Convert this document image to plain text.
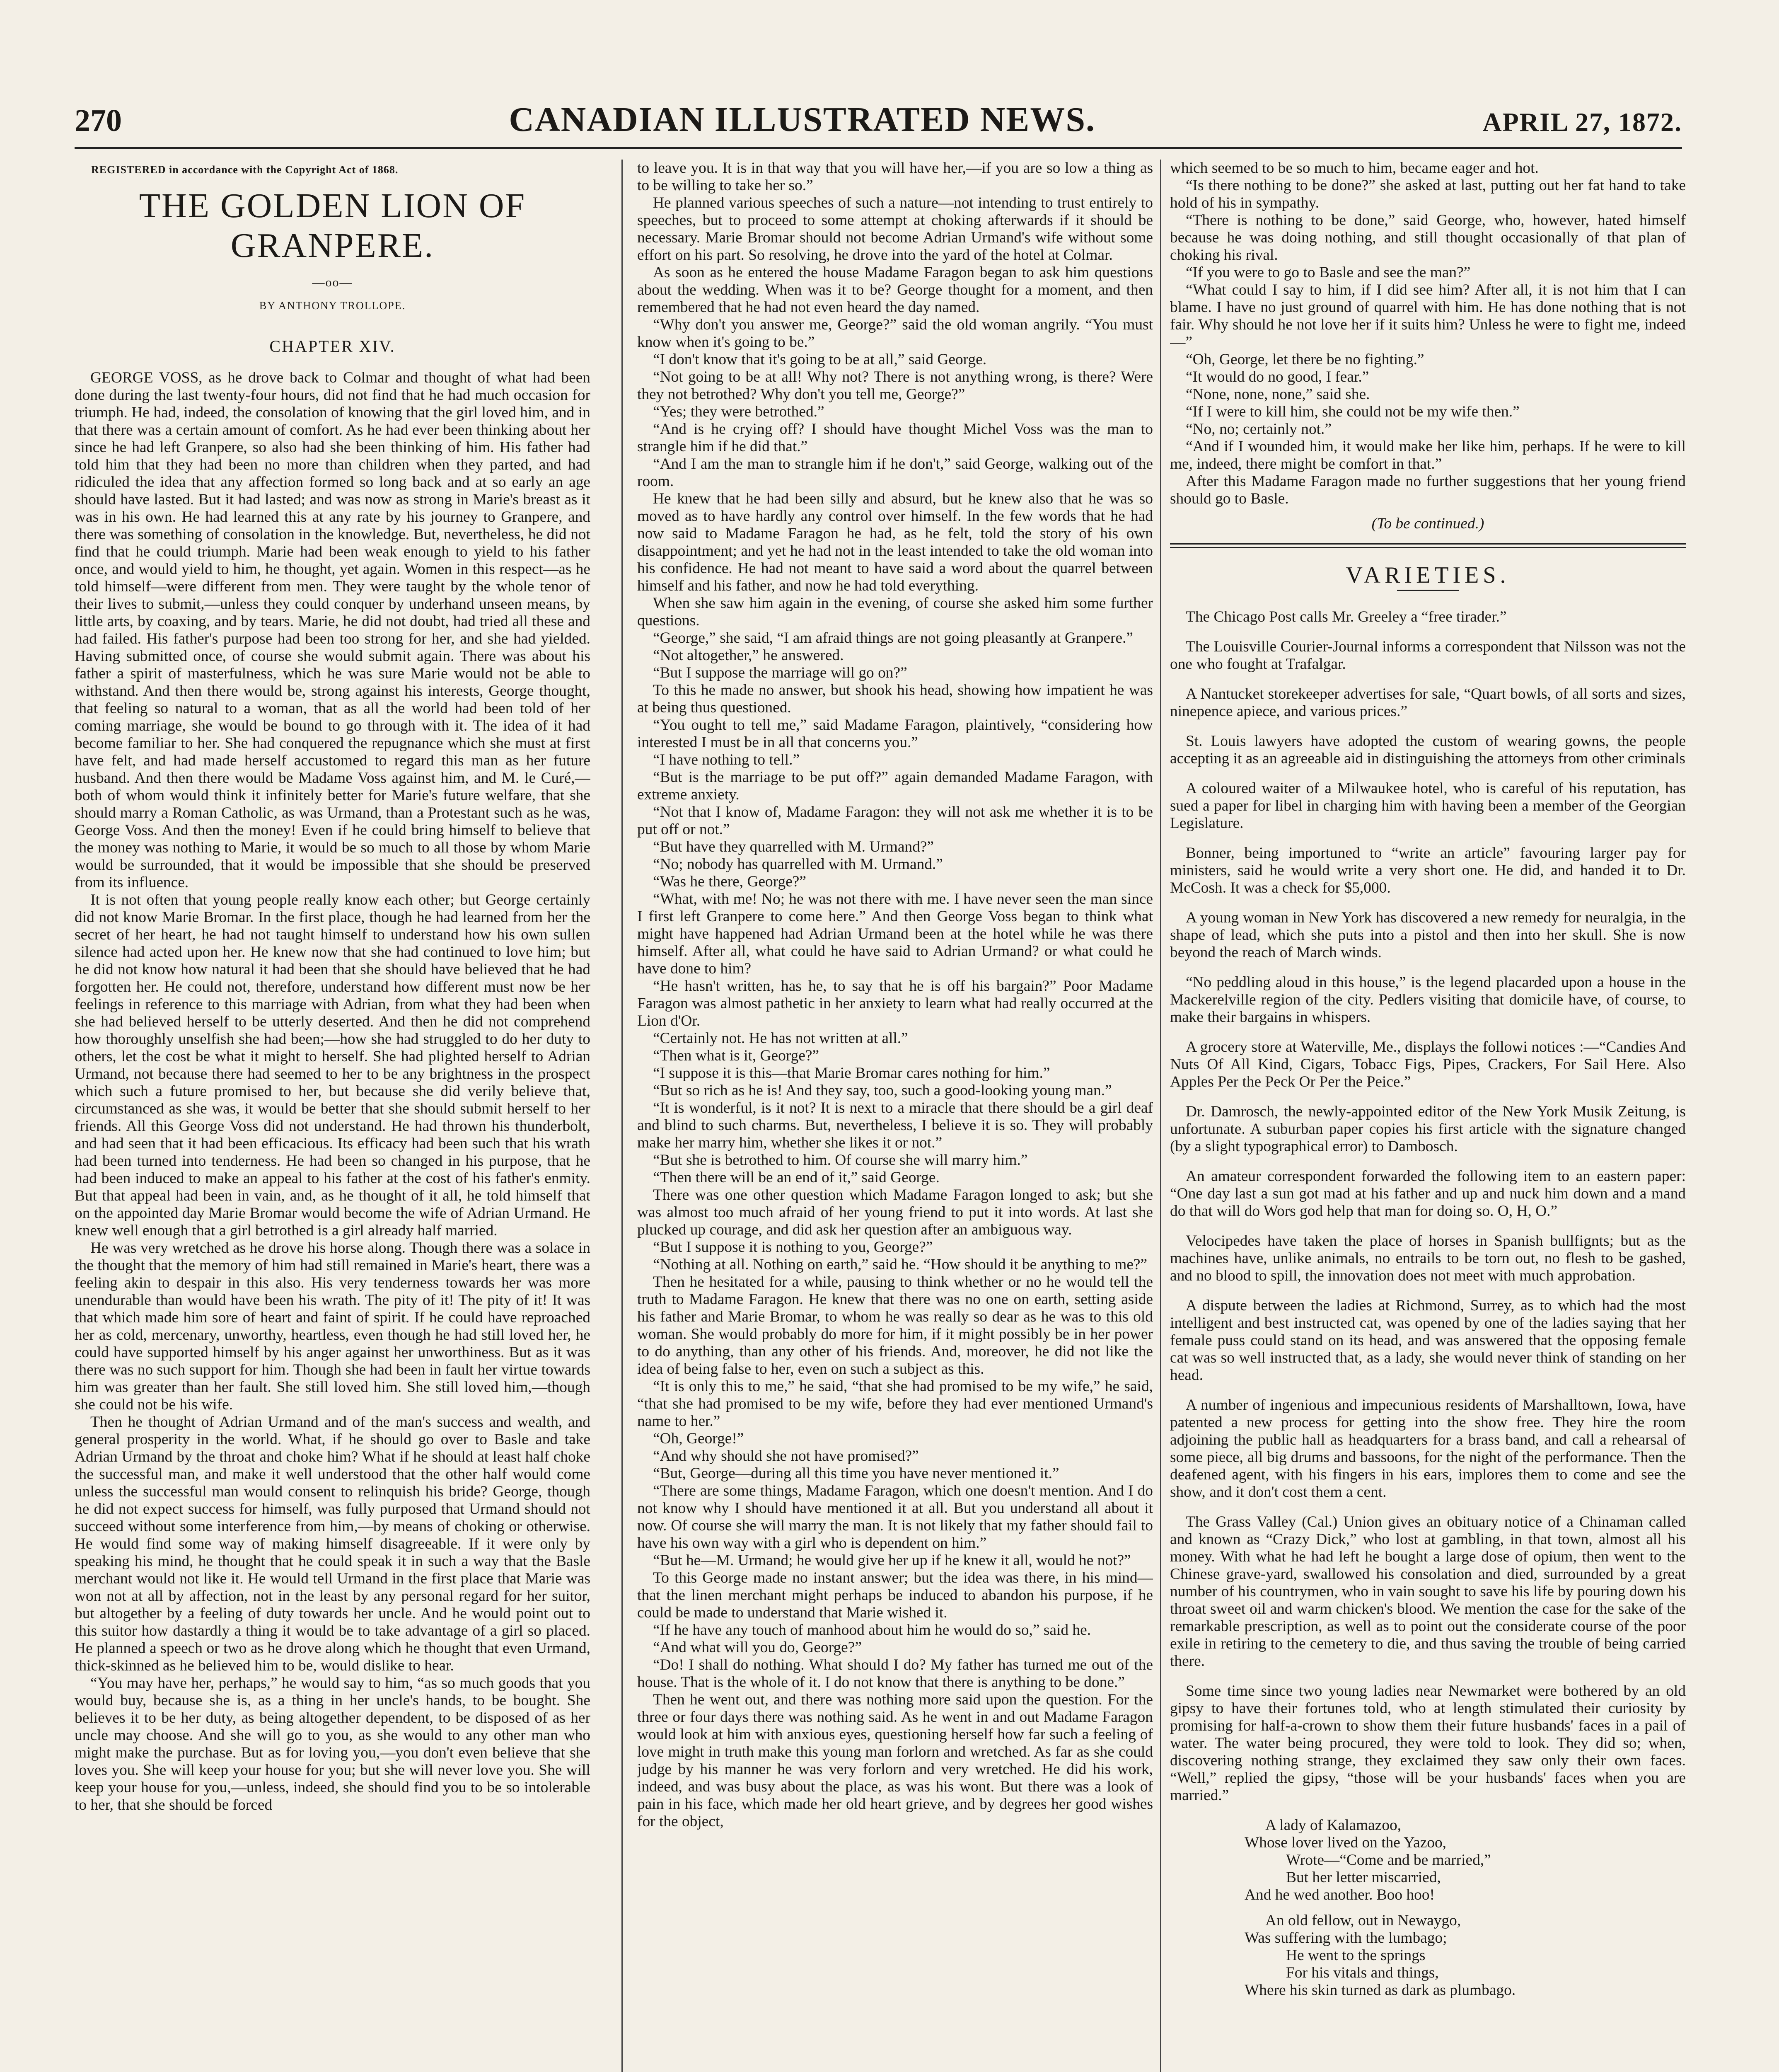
270	CANADIAN ILLUSTRATED NEWS.	APRIL 27, 1872.
REGISTERED in accordance with the Copyright Act of 1868.
THE GOLDEN LION OF GRANPERE.
—oo—
BY ANTHONY TROLLOPE.
CHAPTER XIV.

GEORGE VOSS, as he drove back to Colmar and thought of what had been done during the last twenty-four hours, did not find that he had much occasion for triumph. He had, indeed, the consolation of knowing that the girl loved him, and in that there was a certain amount of comfort. As he had ever been thinking about her since he had left Granpere, so also had she been thinking of him. His father had told him that they had been no more than children when they parted, and had ridiculed the idea that any affection formed so long back and at so early an age should have lasted. But it had lasted; and was now as strong in Marie's breast as it was in his own. He had learned this at any rate by his journey to Granpere, and there was something of consolation in the knowledge. But, nevertheless, he did not find that he could triumph. Marie had been weak enough to yield to his father once, and would yield to him, he thought, yet again. Women in this respect—as he told himself—were different from men. They were taught by the whole tenor of their lives to submit,—unless they could conquer by underhand unseen means, by little arts, by coaxing, and by tears. Marie, he did not doubt, had tried all these and had failed. His father's purpose had been too strong for her, and she had yielded. Having submitted once, of course she would submit again. There was about his father a spirit of masterfulness, which he was sure Marie would not be able to withstand. And then there would be, strong against his interests, George thought, that feeling so natural to a woman, that as all the world had been told of her coming marriage, she would be bound to go through with it. The idea of it had become familiar to her. She had conquered the repugnance which she must at first have felt, and had made herself accustomed to regard this man as her future husband. And then there would be Madame Voss against him, and M. le Curé,—both of whom would think it infinitely better for Marie's future welfare, that she should marry a Roman Catholic, as was Urmand, than a Protestant such as he was, George Voss. And then the money! Even if he could bring himself to believe that the money was nothing to Marie, it would be so much to all those by whom Marie would be surrounded, that it would be impossible that she should be preserved from its influence.

It is not often that young people really know each other; but George certainly did not know Marie Bromar. In the first place, though he had learned from her the secret of her heart, he had not taught himself to understand how his own sullen silence had acted upon her. He knew now that she had continued to love him; but he did not know how natural it had been that she should have believed that he had forgotten her. He could not, therefore, understand how different must now be her feelings in reference to this marriage with Adrian, from what they had been when she had believed herself to be utterly deserted. And then he did not comprehend how thoroughly unselfish she had been;—how she had struggled to do her duty to others, let the cost be what it might to herself. She had plighted herself to Adrian Urmand, not because there had seemed to her to be any brightness in the prospect which such a future promised to her, but because she did verily believe that, circumstanced as she was, it would be better that she should submit herself to her friends. All this George Voss did not understand. He had thrown his thunderbolt, and had seen that it had been efficacious. Its efficacy had been such that his wrath had been turned into tenderness. He had been so changed in his purpose, that he had been induced to make an appeal to his father at the cost of his father's enmity. But that appeal had been in vain, and, as he thought of it all, he told himself that on the appointed day Marie Bromar would become the wife of Adrian Urmand. He knew well enough that a girl betrothed is a girl already half married.

He was very wretched as he drove his horse along. Though there was a solace in the thought that the memory of him had still remained in Marie's heart, there was a feeling akin to despair in this also. His very tenderness towards her was more unendurable than would have been his wrath. The pity of it! The pity of it! It was that which made him sore of heart and faint of spirit. If he could have reproached her as cold, mercenary, unworthy, heartless, even though he had still loved her, he could have supported himself by his anger against her unworthiness. But as it was there was no such support for him. Though she had been in fault her virtue towards him was greater than her fault. She still loved him. She still loved him,—though she could not be his wife.

Then he thought of Adrian Urmand and of the man's success and wealth, and general prosperity in the world. What, if he should go over to Basle and take Adrian Urmand by the throat and choke him? What if he should at least half choke the successful man, and make it well understood that the other half would come unless the successful man would consent to relinquish his bride? George, though he did not expect success for himself, was fully purposed that Urmand should not succeed without some interference from him,—by means of choking or otherwise. He would find some way of making himself disagreeable. If it were only by speaking his mind, he thought that he could speak it in such a way that the Basle merchant would not like it. He would tell Urmand in the first place that Marie was won not at all by affection, not in the least by any personal regard for her suitor, but altogether by a feeling of duty towards her uncle. And he would point out to this suitor how dastardly a thing it would be to take advantage of a girl so placed. He planned a speech or two as he drove along which he thought that even Urmand, thick-skinned as he believed him to be, would dislike to hear.

“You may have her, perhaps,” he would say to him, “as so much goods that you would buy, because she is, as a thing in her uncle's hands, to be bought. She believes it to be her duty, as being altogether dependent, to be disposed of as her uncle may choose. And she will go to you, as she would to any other man who might make the purchase. But as for loving you,—you don't even believe that she loves you. She will keep your house for you; but she will never love you. She will keep your house for you,—unless, indeed, she should find you to be so intolerable to her, that she should be forced

to leave you. It is in that way that you will have her,—if you are so low a thing as to be willing to take her so.”

He planned various speeches of such a nature—not intending to trust entirely to speeches, but to proceed to some attempt at choking afterwards if it should be necessary. Marie Bromar should not become Adrian Urmand's wife without some effort on his part. So resolving, he drove into the yard of the hotel at Colmar.

As soon as he entered the house Madame Faragon began to ask him questions about the wedding. When was it to be? George thought for a moment, and then remembered that he had not even heard the day named.

“Why don't you answer me, George?” said the old woman angrily. “You must know when it's going to be.”

“I don't know that it's going to be at all,” said George.

“Not going to be at all! Why not? There is not anything wrong, is there? Were they not betrothed? Why don't you tell me, George?”

“Yes; they were betrothed.”

“And is he crying off? I should have thought Michel Voss was the man to strangle him if he did that.”

“And I am the man to strangle him if he don't,” said George, walking out of the room.

He knew that he had been silly and absurd, but he knew also that he was so moved as to have hardly any control over himself. In the few words that he had now said to Madame Faragon he had, as he felt, told the story of his own disappointment; and yet he had not in the least intended to take the old woman into his confidence. He had not meant to have said a word about the quarrel between himself and his father, and now he had told everything.

When she saw him again in the evening, of course she asked him some further questions.

“George,” she said, “I am afraid things are not going pleasantly at Granpere.”

“Not altogether,” he answered.

“But I suppose the marriage will go on?”

To this he made no answer, but shook his head, showing how impatient he was at being thus questioned.

“You ought to tell me,” said Madame Faragon, plaintively, “considering how interested I must be in all that concerns you.”

“I have nothing to tell.”

“But is the marriage to be put off?” again demanded Madame Faragon, with extreme anxiety.

“Not that I know of, Madame Faragon: they will not ask me whether it is to be put off or not.”

“But have they quarrelled with M. Urmand?”

“No; nobody has quarrelled with M. Urmand.”

“Was he there, George?”

“What, with me! No; he was not there with me. I have never seen the man since I first left Granpere to come here.” And then George Voss began to think what might have happened had Adrian Urmand been at the hotel while he was there himself. After all, what could he have said to Adrian Urmand? or what could he have done to him?

“He hasn't written, has he, to say that he is off his bargain?” Poor Madame Faragon was almost pathetic in her anxiety to learn what had really occurred at the Lion d'Or.

“Certainly not. He has not written at all.”

“Then what is it, George?”

“I suppose it is this—that Marie Bromar cares nothing for him.”

“But so rich as he is! And they say, too, such a good-looking young man.”

“It is wonderful, is it not? It is next to a miracle that there should be a girl deaf and blind to such charms. But, nevertheless, I believe it is so. They will probably make her marry him, whether she likes it or not.”

“But she is betrothed to him. Of course she will marry him.”

“Then there will be an end of it,” said George.

There was one other question which Madame Faragon longed to ask; but she was almost too much afraid of her young friend to put it into words. At last she plucked up courage, and did ask her question after an ambiguous way.

“But I suppose it is nothing to you, George?”

“Nothing at all. Nothing on earth,” said he. “How should it be anything to me?”

Then he hesitated for a while, pausing to think whether or no he would tell the truth to Madame Faragon. He knew that there was no one on earth, setting aside his father and Marie Bromar, to whom he was really so dear as he was to this old woman. She would probably do more for him, if it might possibly be in her power to do anything, than any other of his friends. And, moreover, he did not like the idea of being false to her, even on such a subject as this.

“It is only this to me,” he said, “that she had promised to be my wife,” he said, “that she had promised to be my wife, before they had ever mentioned Urmand's name to her.”

“Oh, George!”

“And why should she not have promised?”

“But, George—during all this time you have never mentioned it.”

“There are some things, Madame Faragon, which one doesn't mention. And I do not know why I should have mentioned it at all. But you understand all about it now. Of course she will marry the man. It is not likely that my father should fail to have his own way with a girl who is dependent on him.”

“But he—M. Urmand; he would give her up if he knew it all, would he not?”

To this George made no instant answer; but the idea was there, in his mind—that the linen merchant might perhaps be induced to abandon his purpose, if he could be made to understand that Marie wished it.

“If he have any touch of manhood about him he would do so,” said he.

“And what will you do, George?”

“Do! I shall do nothing. What should I do? My father has turned me out of the house. That is the whole of it. I do not know that there is anything to be done.”

Then he went out, and there was nothing more said upon the question. For the three or four days there was nothing said. As he went in and out Madame Faragon would look at him with anxious eyes, questioning herself how far such a feeling of love might in truth make this young man forlorn and wretched. As far as she could judge by his manner he was very forlorn and very wretched. He did his work, indeed, and was busy about the place, as was his wont. But there was a look of pain in his face, which made her old heart grieve, and by degrees her good wishes for the object,

which seemed to be so much to him, became eager and hot.

“Is there nothing to be done?” she asked at last, putting out her fat hand to take hold of his in sympathy.

“There is nothing to be done,” said George, who, however, hated himself because he was doing nothing, and still thought occasionally of that plan of choking his rival.

“If you were to go to Basle and see the man?”

“What could I say to him, if I did see him? After all, it is not him that I can blame. I have no just ground of quarrel with him. He has done nothing that is not fair. Why should he not love her if it suits him? Unless he were to fight me, indeed—”

“Oh, George, let there be no fighting.”

“It would do no good, I fear.”

“None, none, none,” said she.

“If I were to kill him, she could not be my wife then.”

“No, no; certainly not.”

“And if I wounded him, it would make her like him, perhaps. If he were to kill me, indeed, there might be comfort in that.”

After this Madame Faragon made no further suggestions that her young friend should go to Basle.

(To be continued.)
VARIETIES.

The Chicago Post calls Mr. Greeley a “free tirader.”

The Louisville Courier-Journal informs a correspondent that Nilsson was not the one who fought at Trafalgar.

A Nantucket storekeeper advertises for sale, “Quart bowls, of all sorts and sizes, ninepence apiece, and various prices.”

St. Louis lawyers have adopted the custom of wearing gowns, the people accepting it as an agreeable aid in distinguishing the attorneys from other criminals

A coloured waiter of a Milwaukee hotel, who is careful of his reputation, has sued a paper for libel in charging him with having been a member of the Georgian Legislature.

Bonner, being importuned to “write an article” favouring larger pay for ministers, said he would write a very short one. He did, and handed it to Dr. McCosh. It was a check for $5,000.

A young woman in New York has discovered a new remedy for neuralgia, in the shape of lead, which she puts into a pistol and then into her skull. She is now beyond the reach of March winds.

“No peddling aloud in this house,” is the legend placarded upon a house in the Mackerelville region of the city. Pedlers visiting that domicile have, of course, to make their bargains in whispers.

A grocery store at Waterville, Me., displays the followi notices :—“Candies And Nuts Of All Kind, Cigars, Tobacc Figs, Pipes, Crackers, For Sail Here. Also Apples Per the Peck Or Per the Peice.”

Dr. Damrosch, the newly-appointed editor of the New York Musik Zeitung, is unfortunate. A suburban paper copies his first article with the signature changed (by a slight typographical error) to Dambosch.

An amateur correspondent forwarded the following item to an eastern paper: “One day last a sun got mad at his father and up and nuck him down and a mand do that will do Wors god help that man for doing so. O, H, O.”

Velocipedes have taken the place of horses in Spanish bullfignts; but as the machines have, unlike animals, no entrails to be torn out, no flesh to be gashed, and no blood to spill, the innovation does not meet with much approbation.

A dispute between the ladies at Richmond, Surrey, as to which had the most intelligent and best instructed cat, was opened by one of the ladies saying that her female puss could stand on its head, and was answered that the opposing female cat was so well instructed that, as a lady, she would never think of standing on her head.

A number of ingenious and impecunious residents of Marshalltown, Iowa, have patented a new process for getting into the show free. They hire the room adjoining the public hall as headquarters for a brass band, and call a rehearsal of some piece, all big drums and bassoons, for the night of the performance. Then the deafened agent, with his fingers in his ears, implores them to come and see the show, and it don't cost them a cent.

The Grass Valley (Cal.) Union gives an obituary notice of a Chinaman called and known as “Crazy Dick,” who lost at gambling, in that town, almost all his money. With what he had left he bought a large dose of opium, then went to the Chinese grave-yard, swallowed his consolation and died, surrounded by a great number of his countrymen, who in vain sought to save his life by pouring down his throat sweet oil and warm chicken's blood. We mention the case for the sake of the remarkable prescription, as well as to point out the considerate course of the poor exile in retiring to the cemetery to die, and thus saving the trouble of being carried there.

Some time since two young ladies near Newmarket were bothered by an old gipsy to have their fortunes told, who at length stimulated their curiosity by promising for half-a-crown to show them their future husbands' faces in a pail of water. The water being procured, they were told to look. They did so; when, discovering nothing strange, they exclaimed they saw only their own faces. “Well,” replied the gipsy, “those will be your husbands' faces when you are married.”

A lady of Kalamazoo,
Whose lover lived on the Yazoo,
Wrote—“Come and be married,”
But her letter miscarried,
And he wed another. Boo hoo!
An old fellow, out in Newaygo,
Was suffering with the lumbago;
He went to the springs
For his vitals and things,
Where his skin turned as dark as plumbago.
